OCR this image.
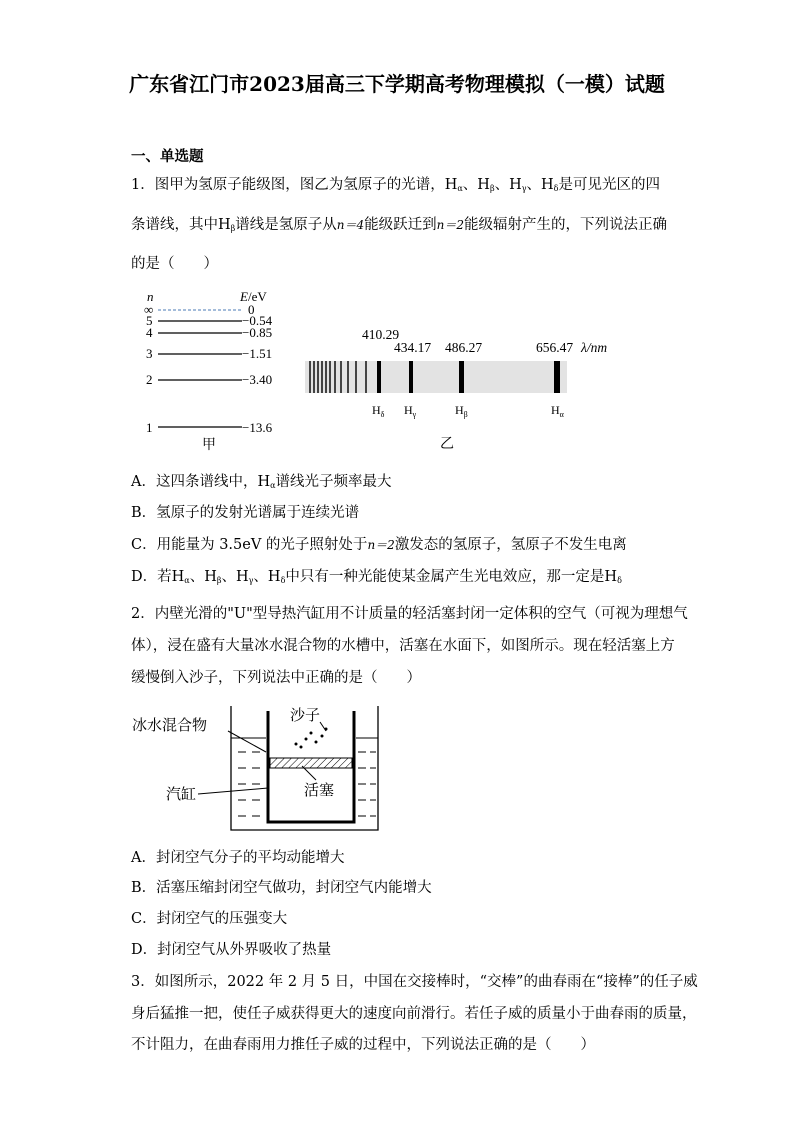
广东省江门市2023届高三下学期高考物理模拟（一模）试题
一、单选题
1．图甲为氢原子能级图，图乙为氢原子的光谱，$H_\alpha$、$H_\beta$、$H_\gamma$、$H_\delta$是可见光区的四
条谱线，其中$H_\beta$谱线是氢原子从n＝4能级跃迁到n＝2能级辐射产生的，下列说法正确
的是（　　）
n	E/eV
∞	0
5	−0.54
4	−0.85
3	−1.51
2	−3.40
1	−13.6
甲
410.29
434.17 486.27	656.47 λ/nm
$H_\delta$ $H_\gamma$	$H_\beta$	$H_\alpha$
乙
A．这四条谱线中，$H_\alpha$谱线光子频率最大
B．氢原子的发射光谱属于连续光谱
C．用能量为 3.5eV 的光子照射处于n＝2激发态的氢原子，氢原子不发生电离
D．若$H_\alpha$、$H_\beta$、$H_\gamma$、$H_\delta$中只有一种光能使某金属产生光电效应，那一定是$H_\delta$
2．内壁光滑的"U"型导热汽缸用不计质量的轻活塞封闭一定体积的空气（可视为理想气
体），浸在盛有大量冰水混合物的水槽中，活塞在水面下，如图所示。现在轻活塞上方
缓慢倒入沙子，下列说法中正确的是（　　）
冰水混合物
沙子
汽缸	活塞
A．封闭空气分子的平均动能增大
B．活塞压缩封闭空气做功，封闭空气内能增大
C．封闭空气的压强变大
D．封闭空气从外界吸收了热量
3．如图所示，2022 年 2 月 5 日，中国在交接棒时，“交棒”的曲春雨在“接棒”的任子威
身后猛推一把，使任子威获得更大的速度向前滑行。若任子威的质量小于曲春雨的质量，
不计阻力，在曲春雨用力推任子威的过程中，下列说法正确的是（　　）
